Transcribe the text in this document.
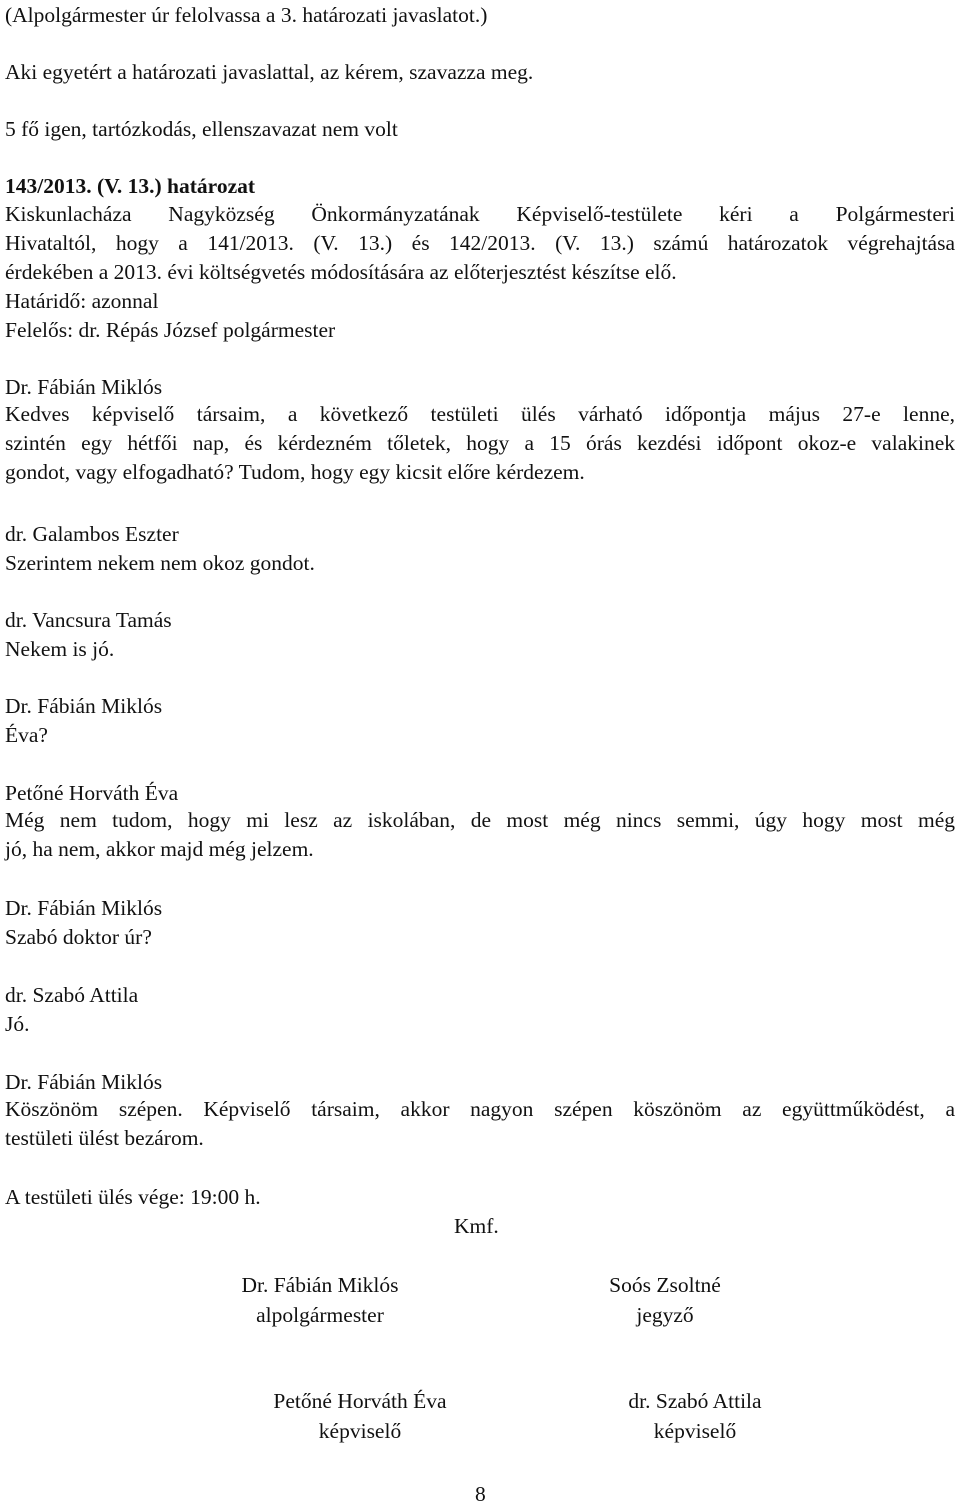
(Alpolgármester úr felolvassa a 3. határozati javaslatot.)
Aki egyetért a határozati javaslattal, az kérem, szavazza meg.
5 fő igen, tartózkodás, ellenszavazat nem volt
143/2013. (V. 13.) határozat
Kiskunlacháza Nagyközség Önkormányzatának Képviselő-testülete kéri a Polgármesteri
Hivataltól, hogy a 141/2013. (V. 13.) és 142/2013. (V. 13.) számú határozatok végrehajtása
érdekében a 2013. évi költségvetés módosítására az előterjesztést készítse elő.
Határidő: azonnal
Felelős: dr. Répás József polgármester
Dr. Fábián Miklós
Kedves képviselő társaim, a következő testületi ülés várható időpontja május 27-e lenne,
szintén egy hétfői nap, és kérdezném tőletek, hogy a 15 órás kezdési időpont okoz-e valakinek
gondot, vagy elfogadható? Tudom, hogy egy kicsit előre kérdezem.
dr. Galambos Eszter
Szerintem nekem nem okoz gondot.
dr. Vancsura Tamás
Nekem is jó.
Dr. Fábián Miklós
Éva?
Petőné Horváth Éva
Még nem tudom, hogy mi lesz az iskolában, de most még nincs semmi, úgy hogy most még
jó, ha nem, akkor majd még jelzem.
Dr. Fábián Miklós
Szabó doktor úr?
dr. Szabó Attila
Jó.
Dr. Fábián Miklós
Köszönöm szépen. Képviselő társaim, akkor nagyon szépen köszönöm az együttműködést, a
testületi ülést bezárom.
A testületi ülés vége: 19:00 h.
Kmf.
Dr. Fábián Miklós
alpolgármester
Soós Zsoltné
jegyző
Petőné Horváth Éva
képviselő
dr. Szabó Attila
képviselő
8
